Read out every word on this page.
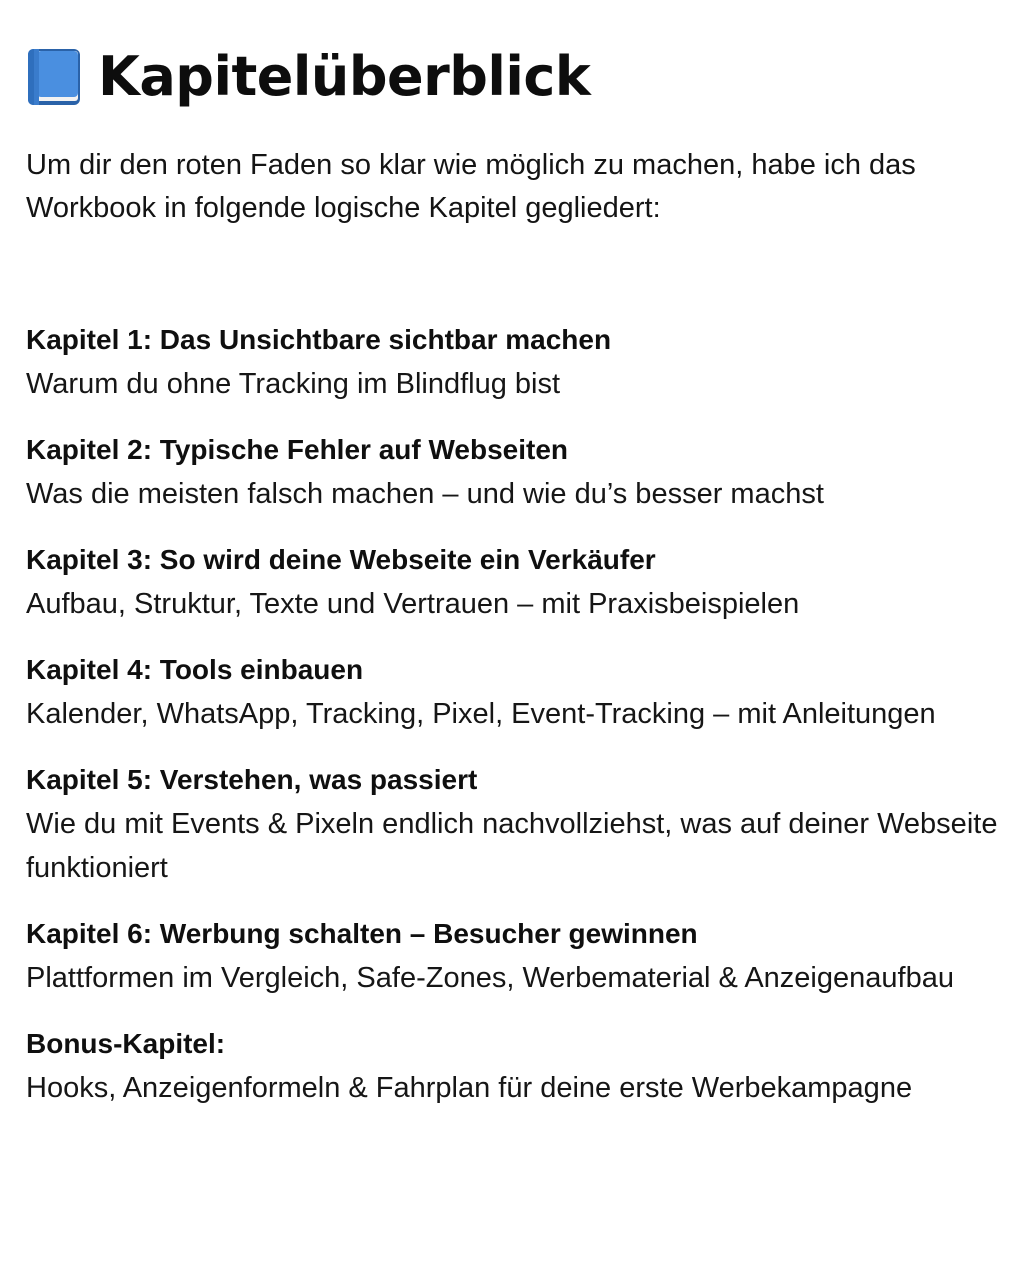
Kapitelüberblick
Um dir den roten Faden so klar wie möglich zu machen, habe ich das Workbook in folgende logische Kapitel gegliedert:
Kapitel 1: Das Unsichtbare sichtbar machen
Warum du ohne Tracking im Blindflug bist
Kapitel 2: Typische Fehler auf Webseiten
Was die meisten falsch machen – und wie du’s besser machst
Kapitel 3: So wird deine Webseite ein Verkäufer
Aufbau, Struktur, Texte und Vertrauen – mit Praxisbeispielen
Kapitel 4: Tools einbauen
Kalender, WhatsApp, Tracking, Pixel, Event-Tracking – mit Anleitungen
Kapitel 5: Verstehen, was passiert
Wie du mit Events & Pixeln endlich nachvollziehst, was auf deiner Webseite funktioniert
Kapitel 6: Werbung schalten – Besucher gewinnen
Plattformen im Vergleich, Safe-Zones, Werbematerial & Anzeigenaufbau
Bonus-Kapitel:
Hooks, Anzeigenformeln & Fahrplan für deine erste Werbekampagne
